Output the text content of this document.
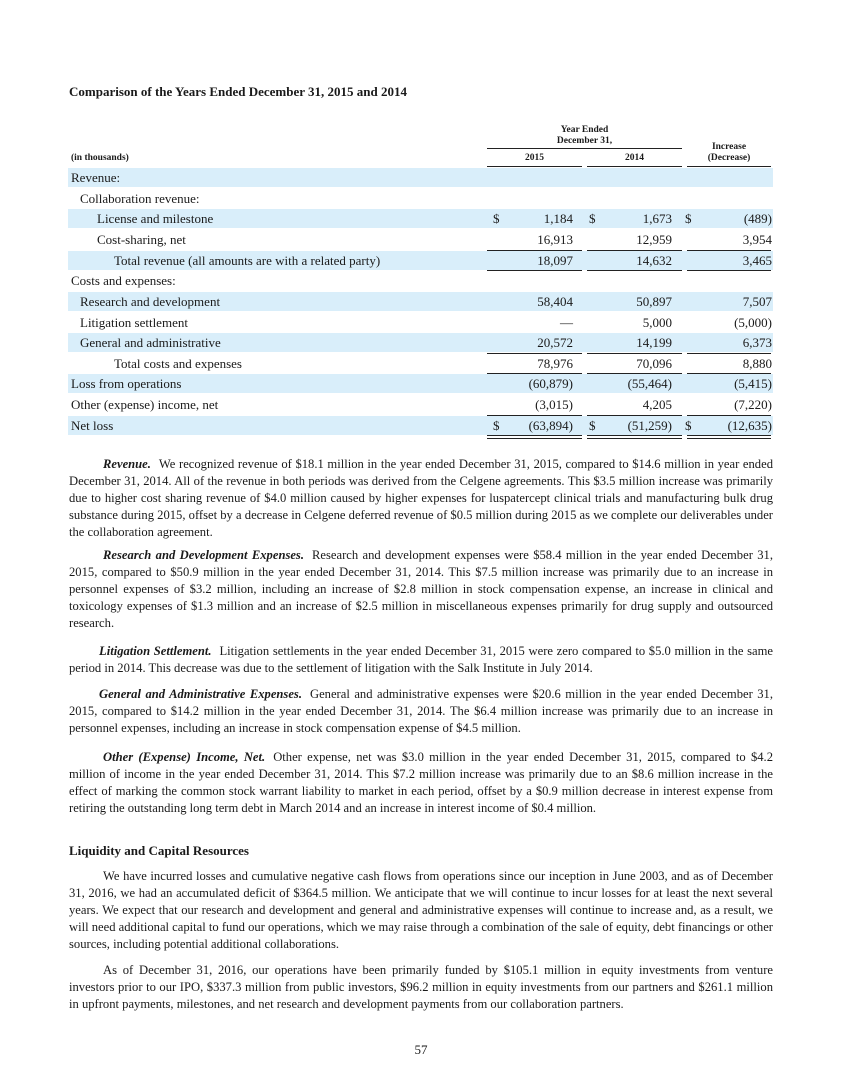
Comparison of the Years Ended December 31, 2015 and 2014
Year Ended
December 31,
(in thousands)	2015	2014
Increase
(Decrease)
Revenue:
Collaboration revenue:
License and milestone	$	1,184 $	1,673 $	(489)
Cost-sharing, net	16,913	12,959	3,954
Total revenue (all amounts are with a related party)	18,097	14,632	3,465
Costs and expenses:
Research and development	58,404	50,897	7,507
Litigation settlement	—	5,000	(5,000)
General and administrative	20,572	14,199	6,373
Total costs and expenses	78,976	70,096	8,880
Loss from operations	(60,879)	(55,464)	(5,415)
Other (expense) income, net	(3,015)	4,205	(7,220)
Net loss	$	(63,894) $	(51,259) $	(12,635)

Revenue. We recognized revenue of $18.1 million in the year ended December 31, 2015, compared to $14.6 million in year ended December 31, 2014. All of the revenue in both periods was derived from the Celgene agreements. This $3.5 million increase was primarily due to higher cost sharing revenue of $4.0 million caused by higher expenses for luspatercept clinical trials and manufacturing bulk drug substance during 2015, offset by a decrease in Celgene deferred revenue of $0.5 million during 2015 as we complete our deliverables under the collaboration agreement.

Research and Development Expenses. Research and development expenses were $58.4 million in the year ended December 31, 2015, compared to $50.9 million in the year ended December 31, 2014. This $7.5 million increase was primarily due to an increase in personnel expenses of $3.2 million, including an increase of $2.8 million in stock compensation expense, an increase in clinical and toxicology expenses of $1.3 million and an increase of $2.5 million in miscellaneous expenses primarily for drug supply and outsourced research.

Litigation Settlement. Litigation settlements in the year ended December 31, 2015 were zero compared to $5.0 million in the same period in 2014. This decrease was due to the settlement of litigation with the Salk Institute in July 2014.

General and Administrative Expenses. General and administrative expenses were $20.6 million in the year ended December 31, 2015, compared to $14.2 million in the year ended December 31, 2014. The $6.4 million increase was primarily due to an increase in personnel expenses, including an increase in stock compensation expense of $4.5 million.

Other (Expense) Income, Net. Other expense, net was $3.0 million in the year ended December 31, 2015, compared to $4.2 million of income in the year ended December 31, 2014. This $7.2 million increase was primarily due to an $8.6 million increase in the effect of marking the common stock warrant liability to market in each period, offset by a $0.9 million decrease in interest expense from retiring the outstanding long term debt in March 2014 and an increase in interest income of $0.4 million.

Liquidity and Capital Resources

We have incurred losses and cumulative negative cash flows from operations since our inception in June 2003, and as of December 31, 2016, we had an accumulated deficit of $364.5 million. We anticipate that we will continue to incur losses for at least the next several years. We expect that our research and development and general and administrative expenses will continue to increase and, as a result, we will need additional capital to fund our operations, which we may raise through a combination of the sale of equity, debt financings or other sources, including potential additional collaborations.

As of December 31, 2016, our operations have been primarily funded by $105.1 million in equity investments from venture investors prior to our IPO, $337.3 million from public investors, $96.2 million in equity investments from our partners and $261.1 million in upfront payments, milestones, and net research and development payments from our collaboration partners.

57
